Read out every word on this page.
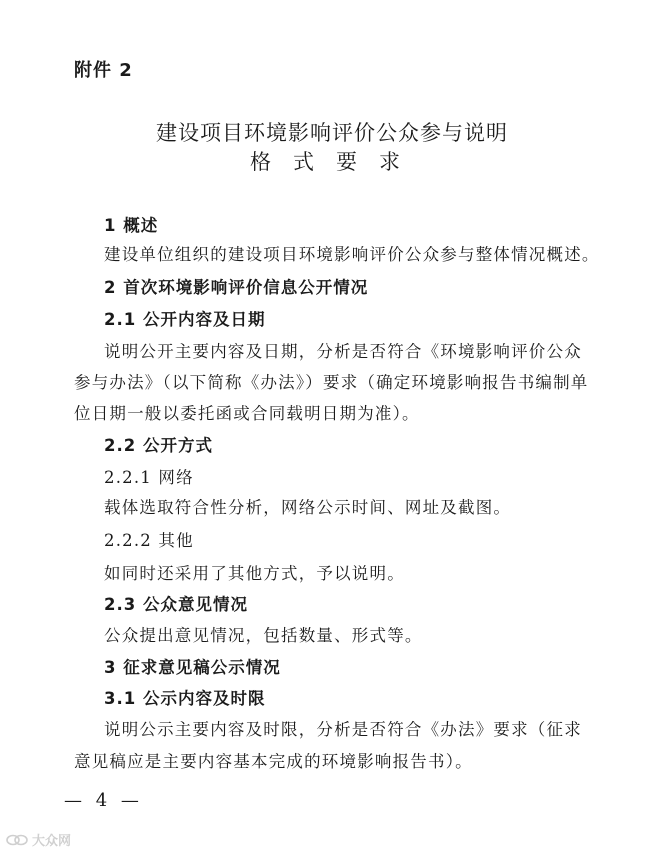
附件 2
建设项目环境影响评价公众参与说明
格式要求
1 概述
建设单位组织的建设项目环境影响评价公众参与整体情况概述。
2 首次环境影响评价信息公开情况
2.1 公开内容及日期
说明公开主要内容及日期，分析是否符合《环境影响评价公众
参与办法》（以下简称《办法》）要求（确定环境影响报告书编制单
位日期一般以委托函或合同载明日期为准）。
2.2 公开方式
2.2.1 网络
载体选取符合性分析，网络公示时间、网址及截图。
2.2.2 其他
如同时还采用了其他方式，予以说明。
2.3 公众意见情况
公众提出意见情况，包括数量、形式等。
3 征求意见稿公示情况
3.1 公示内容及时限
说明公示主要内容及时限，分析是否符合《办法》要求（征求
意见稿应是主要内容基本完成的环境影响报告书）。
— 4 —
大众网
